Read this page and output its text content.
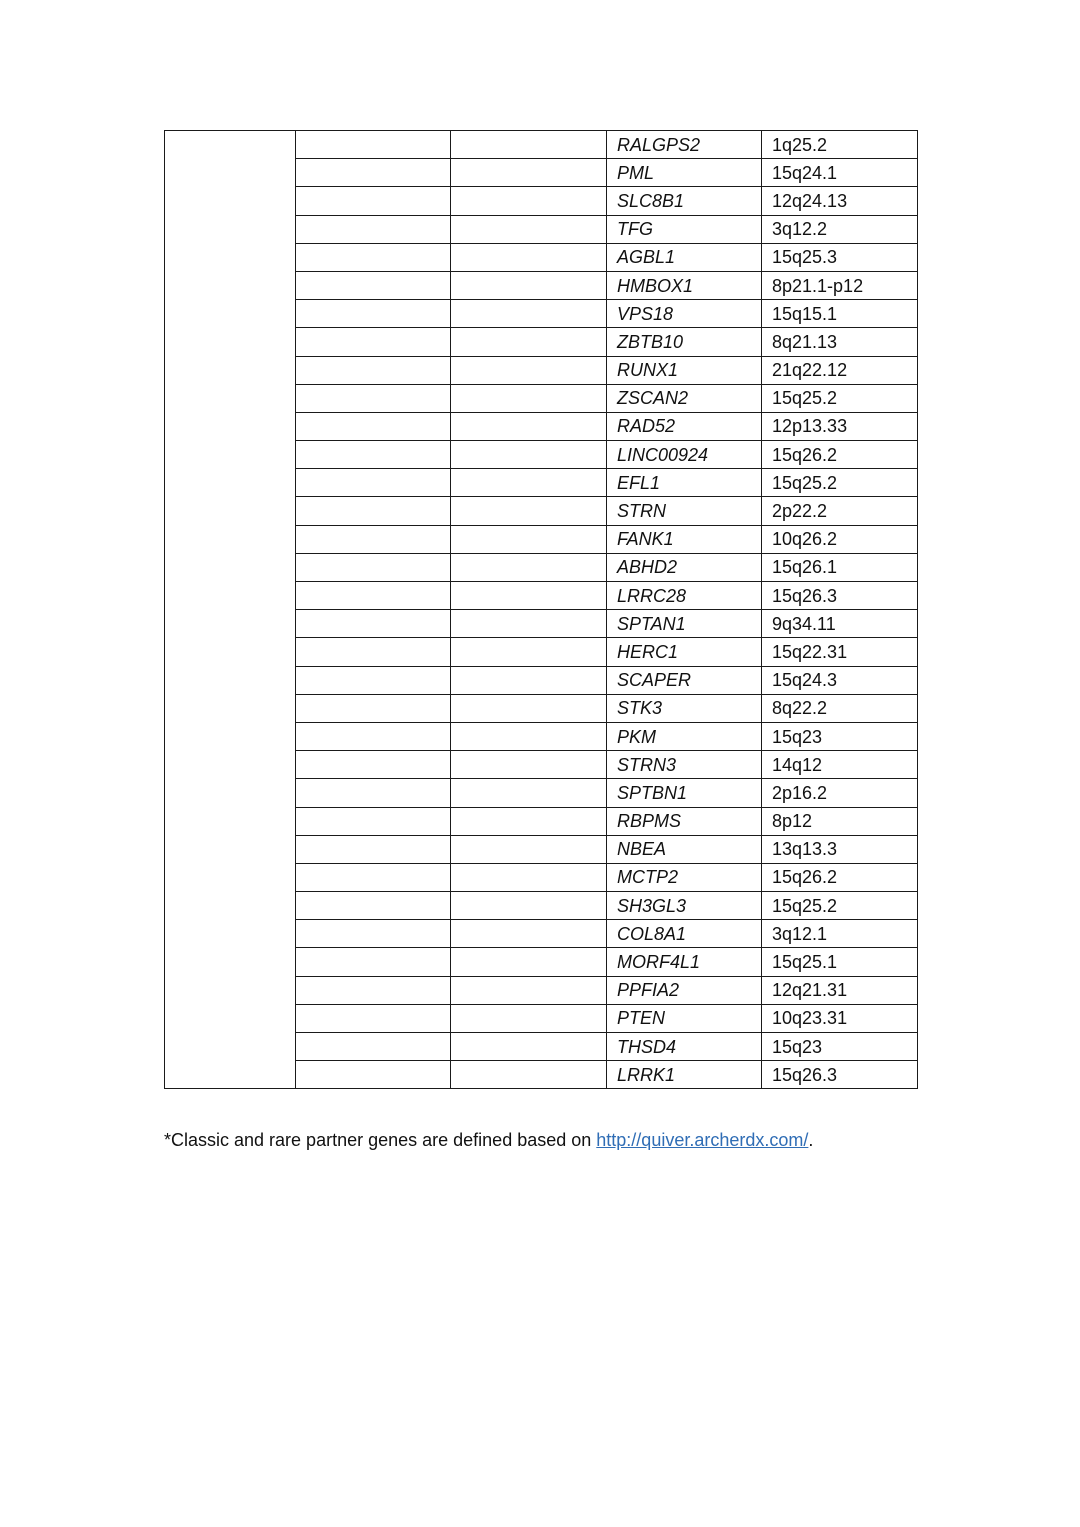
			RALGPS2	1q25.2
			PML	15q24.1
			SLC8B1	12q24.13
			TFG	3q12.2
			AGBL1	15q25.3
			HMBOX1	8p21.1-p12
			VPS18	15q15.1
			ZBTB10	8q21.13
			RUNX1	21q22.12
			ZSCAN2	15q25.2
			RAD52	12p13.33
			LINC00924	15q26.2
			EFL1	15q25.2
			STRN	2p22.2
			FANK1	10q26.2
			ABHD2	15q26.1
			LRRC28	15q26.3
			SPTAN1	9q34.11
			HERC1	15q22.31
			SCAPER	15q24.3
			STK3	8q22.2
			PKM	15q23
			STRN3	14q12
			SPTBN1	2p16.2
			RBPMS	8p12
			NBEA	13q13.3
			MCTP2	15q26.2
			SH3GL3	15q25.2
			COL8A1	3q12.1
			MORF4L1	15q25.1
			PPFIA2	12q21.31
			PTEN	10q23.31
			THSD4	15q23
			LRRK1	15q26.3
*Classic and rare partner genes are defined based on http://quiver.archerdx.com/.
